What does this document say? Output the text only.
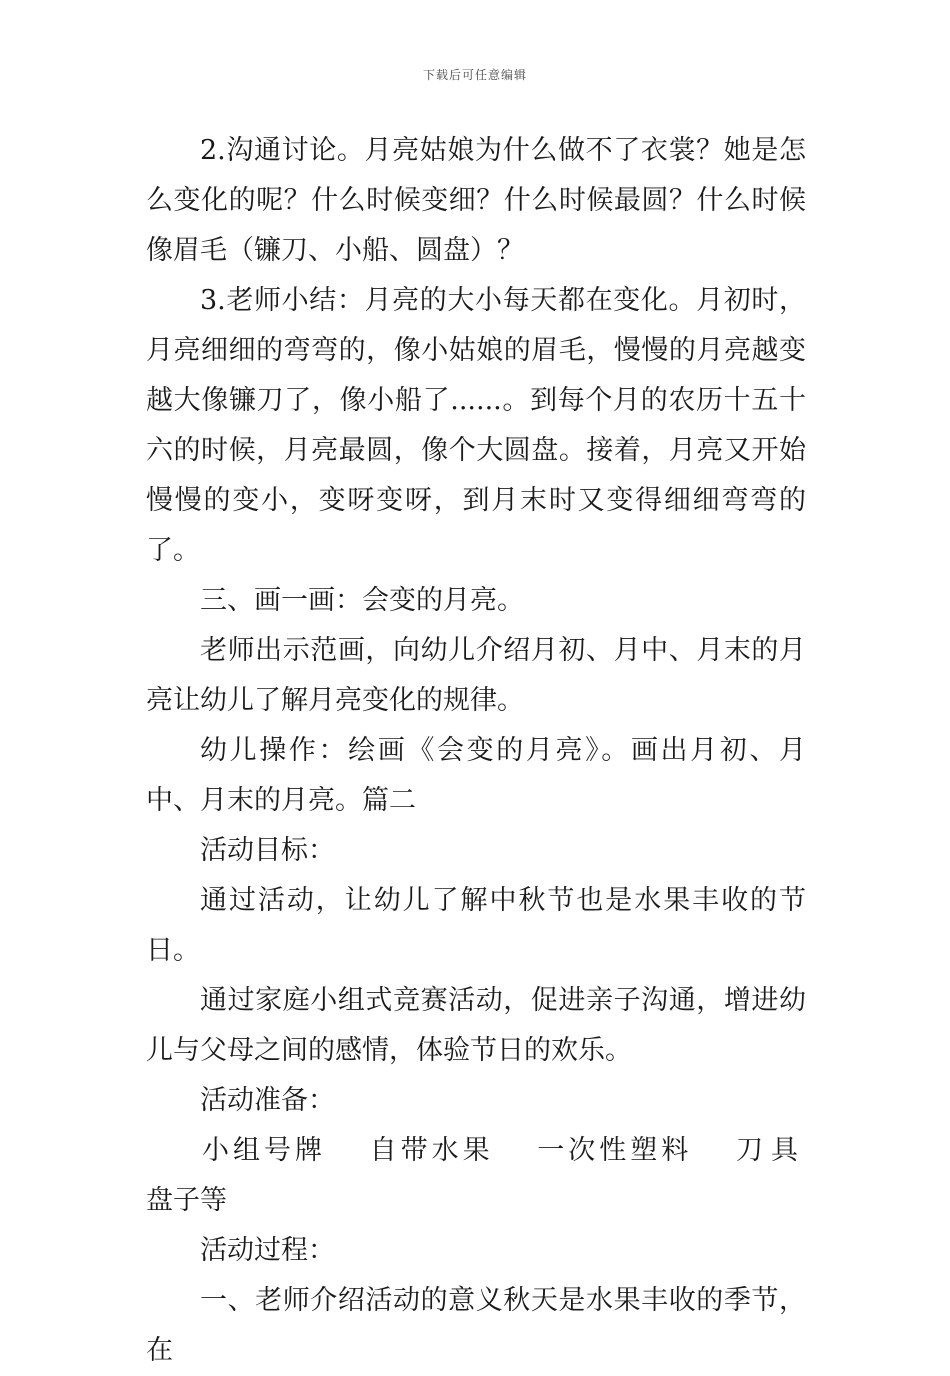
下载后可任意编辑

2.沟通讨论。月亮姑娘为什么做不了衣裳？她是怎么变化的呢？什么时候变细？什么时候最圆？什么时候像眉毛（镰刀、小船、圆盘）？

3.老师小结：月亮的大小每天都在变化。月初时，月亮细细的弯弯的，像小姑娘的眉毛，慢慢的月亮越变越大像镰刀了，像小船了......。到每个月的农历十五十六的时候，月亮最圆，像个大圆盘。接着，月亮又开始慢慢的变小，变呀变呀，到月末时又变得细细弯弯的了。

三、画一画：会变的月亮。

老师出示范画，向幼儿介绍月初、月中、月末的月亮让幼儿了解月亮变化的规律。

幼儿操作：绘画《会变的月亮》。画出月初、月中、月末的月亮。篇二

活动目标：

通过活动，让幼儿了解中秋节也是水果丰收的节日。

通过家庭小组式竞赛活动，促进亲子沟通，增进幼儿与父母之间的感情，体验节日的欢乐。

活动准备：

小组号牌 自带水果 一次性塑料 刀具

盘子等

活动过程：

一、老师介绍活动的意义秋天是水果丰收的季节，在
